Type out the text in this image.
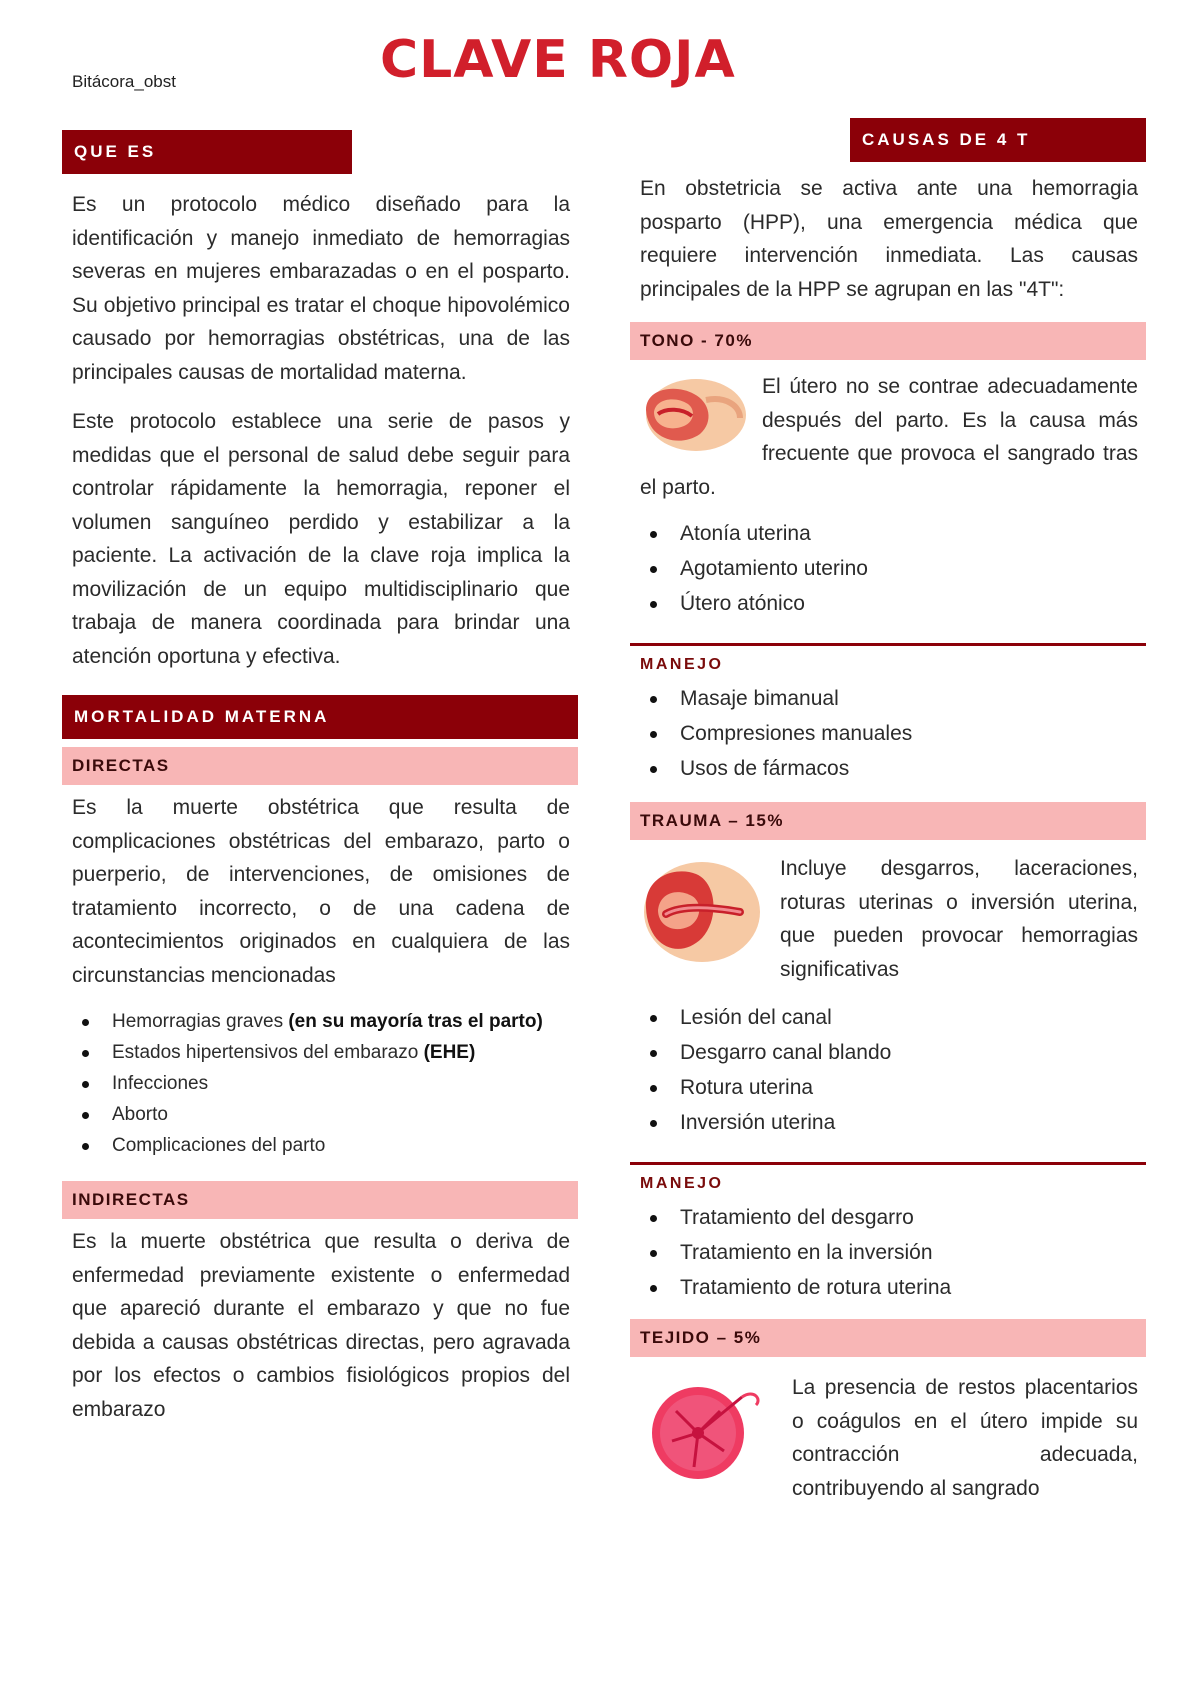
Bitácora_obst	CLAVE ROJA
QUE ES

Es un protocolo médico diseñado para la identificación y manejo inmediato de hemorragias severas en mujeres embarazadas o en el posparto. Su objetivo principal es tratar el choque hipovolémico causado por hemorragias obstétricas, una de las principales causas de mortalidad materna.

Este protocolo establece una serie de pasos y medidas que el personal de salud debe seguir para controlar rápidamente la hemorragia, reponer el volumen sanguíneo perdido y estabilizar a la paciente. La activación de la clave roja implica la movilización de un equipo multidisciplinario que trabaja de manera coordinada para brindar una atención oportuna y efectiva.

MORTALIDAD MATERNA
DIRECTAS

Es la muerte obstétrica que resulta de complicaciones obstétricas del embarazo, parto o puerperio, de intervenciones, de omisiones de tratamiento incorrecto, o de una cadena de acontecimientos originados en cualquiera de las circunstancias mencionadas

Hemorragias graves (en su mayoría tras el parto)
Estados hipertensivos del embarazo (EHE)
Infecciones
Aborto
Complicaciones del parto
INDIRECTAS

Es la muerte obstétrica que resulta o deriva de enfermedad previamente existente o enfermedad que apareció durante el embarazo y que no fue debida a causas obstétricas directas, pero agravada por los efectos o cambios fisiológicos propios del embarazo

CAUSAS DE 4 T

En obstetricia se activa ante una hemorragia posparto (HPP), una emergencia médica que requiere intervención inmediata. Las causas principales de la HPP se agrupan en las "4T":

TONO - 70%

El útero no se contrae adecuadamente después del parto. Es la causa más frecuente que provoca el sangrado tras el parto.

Atonía uterina
Agotamiento uterino
Útero atónico
MANEJO
Masaje bimanual
Compresiones manuales
Usos de fármacos
TRAUMA – 15%

Incluye desgarros, laceraciones, roturas uterinas o inversión uterina, que pueden provocar hemorragias significativas

Lesión del canal
Desgarro canal blando
Rotura uterina
Inversión uterina
MANEJO
Tratamiento del desgarro
Tratamiento en la inversión
Tratamiento de rotura uterina
TEJIDO – 5%

La presencia de restos placentarios o coágulos en el útero impide su contracción adecuada, contribuyendo al sangrado
